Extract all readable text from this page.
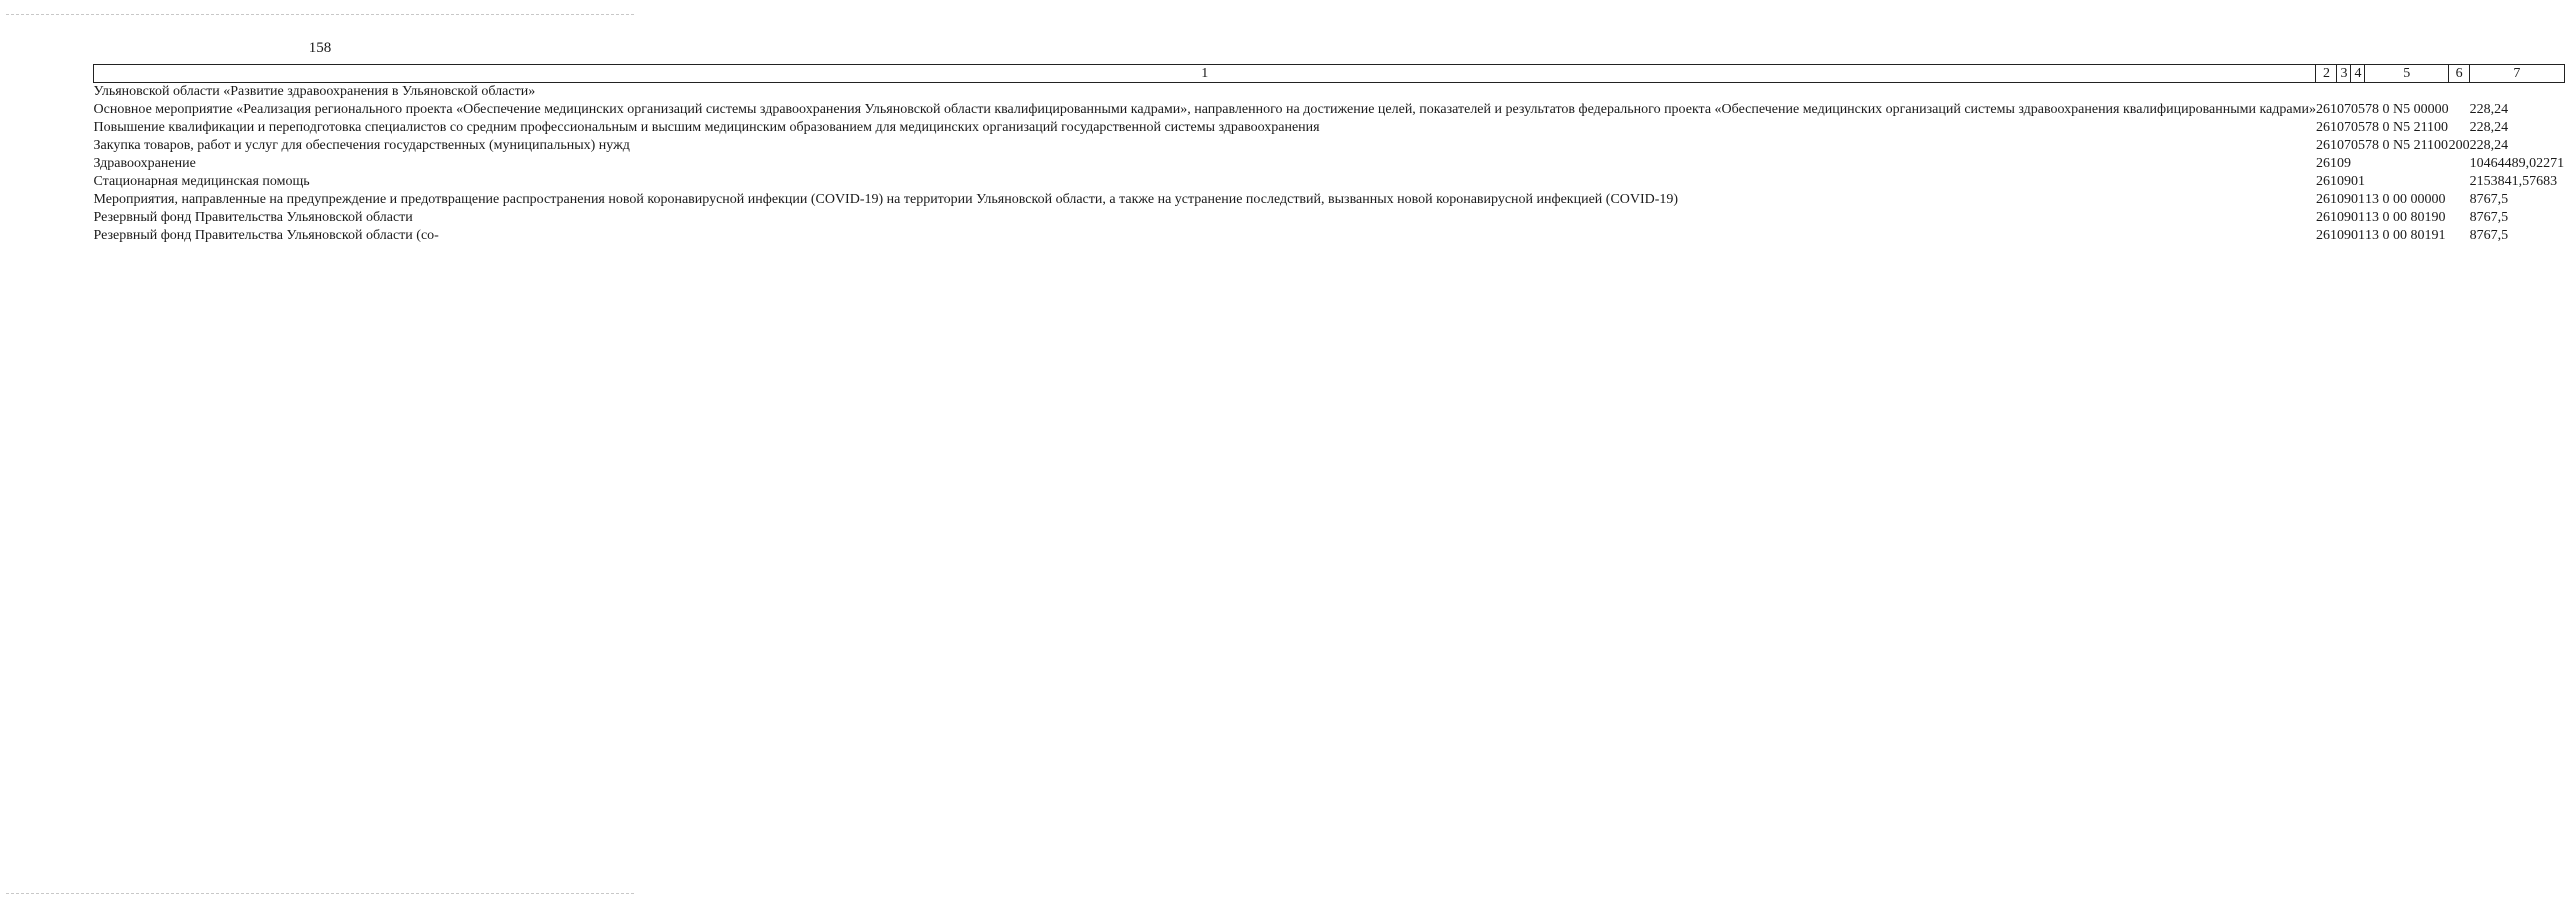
158
1	2	3	4	5	6	7
Ульяновской области «Развитие здравоохранения в Ульяновской области»						
Основное мероприятие «Реализация регионального проекта «Обеспечение медицинских организаций системы здравоохранения Ульяновской области квалифицированными кадрами», направленного на достижение целей, показателей и результатов федерального проекта «Обеспечение медицинских организаций системы здравоохранения квалифицированными кадрами»	261	07	05	78 0 N5 00000		228,24
Повышение квалификации и переподготовка специалистов со средним профессиональным и высшим медицинским образованием для медицинских организаций государственной системы здравоохранения	261	07	05	78 0 N5 21100		228,24
Закупка товаров, работ и услуг для обеспечения государственных (муниципальных) нужд	261	07	05	78 0 N5 21100	200	228,24
Здравоохранение	261	09				10464489,02271
Стационарная медицинская помощь	261	09	01			2153841,57683
Мероприятия, направленные на предупреждение и предотвращение распространения новой коронавирусной инфекции (COVID-19) на территории Ульяновской области, а также на устранение последствий, вызванных новой коронавирусной инфекцией (COVID-19)	261	09	01	13 0 00 00000		8767,5
Резервный фонд Правительства Ульяновской области	261	09	01	13 0 00 80190		8767,5
Резервный фонд Правительства Ульяновской области (со-	261	09	01	13 0 00 80191		8767,5
